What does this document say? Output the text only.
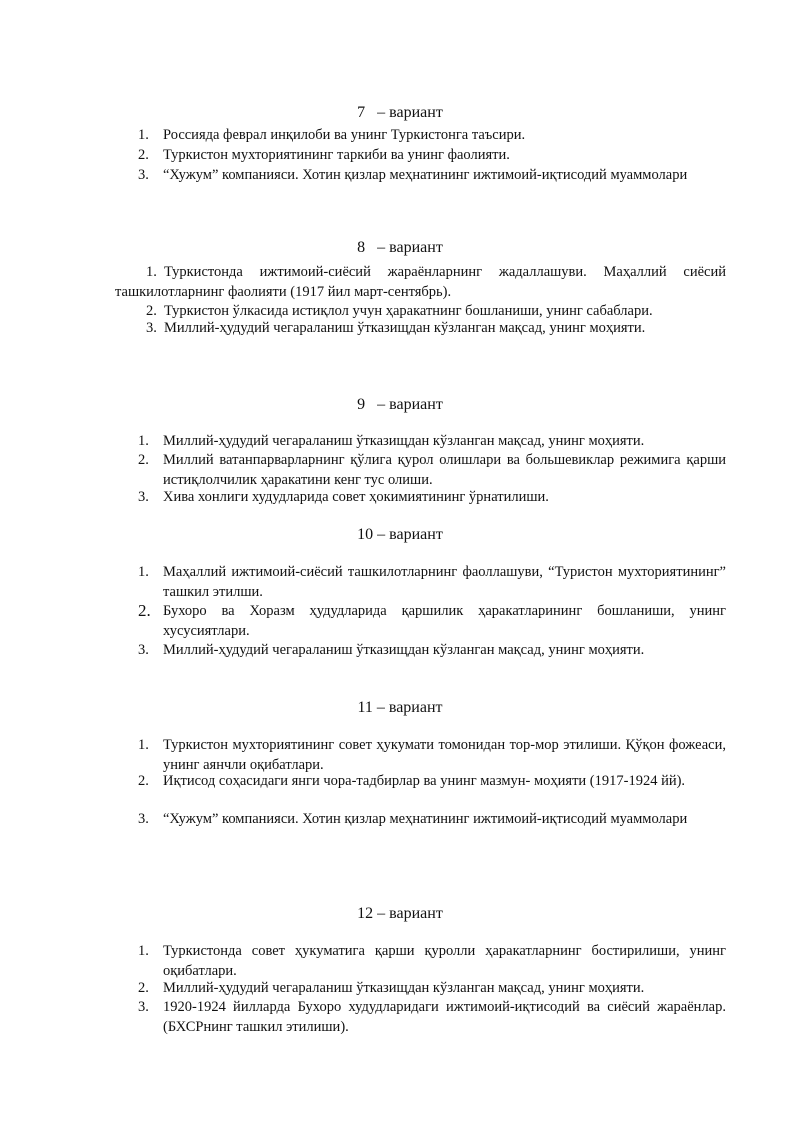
7   – вариант
1. Россияда феврал инқилоби ва унинг Туркистонга таъсири.
2. Туркистон мухториятининг таркиби ва унинг фаолияти.
3. “Хужум” компанияси. Хотин қизлар меҳнатининг ижтимоий-иқтисодий муаммолари
8   – вариант
1. Туркистонда ижтимоий-сиёсий жараёнларнинг жадаллашуви. Маҳаллий сиёсий
ташкилотларнинг фаолияти (1917 йил март-сентябрь).
2. Туркистон ўлкасида истиқлол учун ҳаракатнинг бошланиши, унинг сабаблари.
3. Миллий-ҳудудий чегараланиш ўтказищдан кўзланган мақсад, унинг моҳияти.
9   – вариант
1. Миллий-ҳудудий чегараланиш ўтказищдан кўзланган мақсад, унинг моҳияти.
2. Миллий ватанпарварларнинг қўлига қурол олишлари ва большевиклар режимига қарши истиқлолчилик ҳаракатини кенг тус олиши.
3. Хива хонлиги худудларида совет ҳокимиятининг ўрнатилиши.
10 – вариант
1. Маҳаллий ижтимоий-сиёсий ташкилотларнинг фаоллашуви, “Туристон мухториятининг” ташкил этилши.
2. Бухоро ва Хоразм ҳудудларида қаршилик ҳаракатларининг бошланиши, унинг хусусиятлари.
3. Миллий-ҳудудий чегараланиш ўтказищдан кўзланган мақсад, унинг моҳияти.
11 – вариант
1. Туркистон мухториятининг совет ҳукумати томонидан тор-мор этилиши. Қўқон фожеаси, унинг аянчли оқибатлари.
2. Иқтисод соҳасидаги янги чора-тадбирлар ва унинг мазмун- моҳияти (1917-1924 йй).
3. “Хужум” компанияси. Хотин қизлар меҳнатининг ижтимоий-иқтисодий муаммолари
12 – вариант
1. Туркистонда совет ҳукуматига қарши қуролли ҳаракатларнинг бостирилиши, унинг оқибатлари.
2. Миллий-ҳудудий чегараланиш ўтказищдан кўзланган мақсад, унинг моҳияти.
3. 1920-1924 йилларда Бухоро худудларидаги ижтимоий-иқтисодий ва сиёсий жараёнлар. (БХСРнинг ташкил этилиши).
